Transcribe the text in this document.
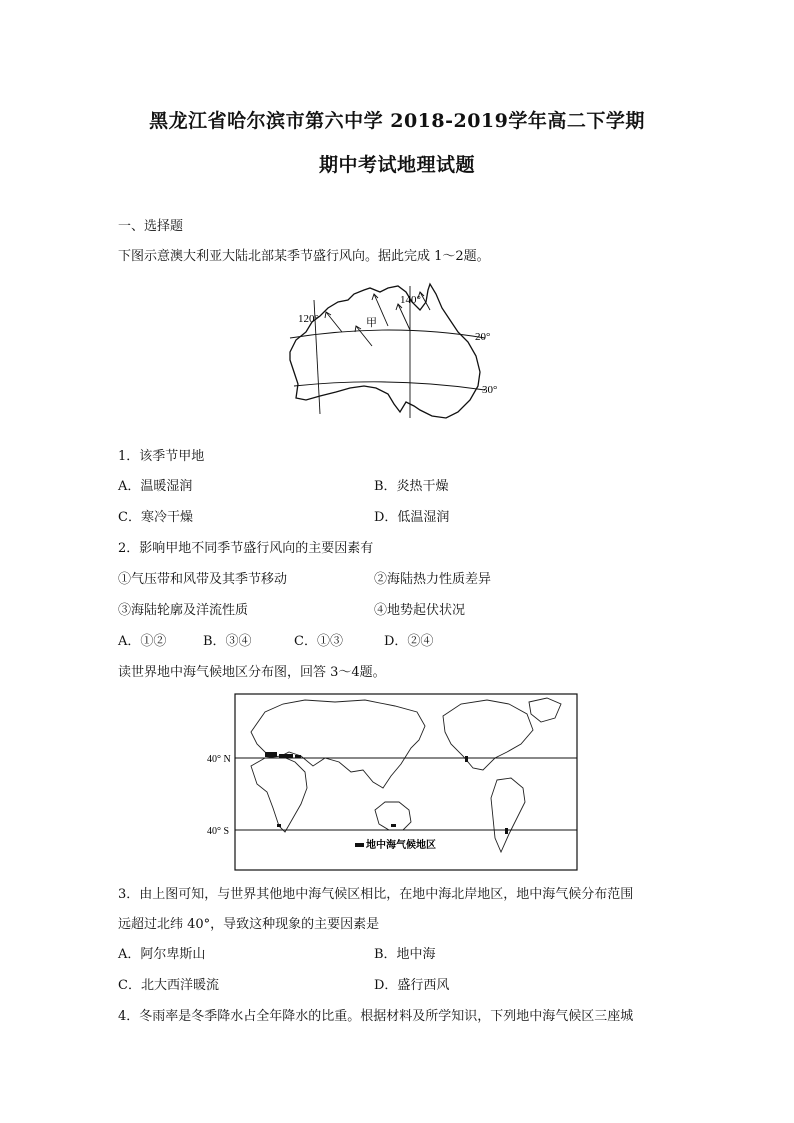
黑龙江省哈尔滨市第六中学 2018-2019学年高二下学期
期中考试地理试题
一、选择题
下图示意澳大利亚大陆北部某季节盛行风向。据此完成 1～2题。
120°
140°
甲
20°
30°
1．该季节甲地
A．温暖湿润	B．炎热干燥
C．寒冷干燥	D．低温湿润
2．影响甲地不同季节盛行风向的主要因素有
①气压带和风带及其季节移动	②海陆热力性质差异
③海陆轮廓及洋流性质	④地势起伏状况
A．①②	B．③④	C．①③	D．②④
读世界地中海气候地区分布图，回答 3～4题。
40° N
40° S
地中海气候地区
3．由上图可知，与世界其他地中海气候区相比，在地中海北岸地区，地中海气候分布范围
远超过北纬 40°，导致这种现象的主要因素是
A．阿尔卑斯山	B．地中海
C．北大西洋暖流	D．盛行西风
4．冬雨率是冬季降水占全年降水的比重。根据材料及所学知识，下列地中海气候区三座城
